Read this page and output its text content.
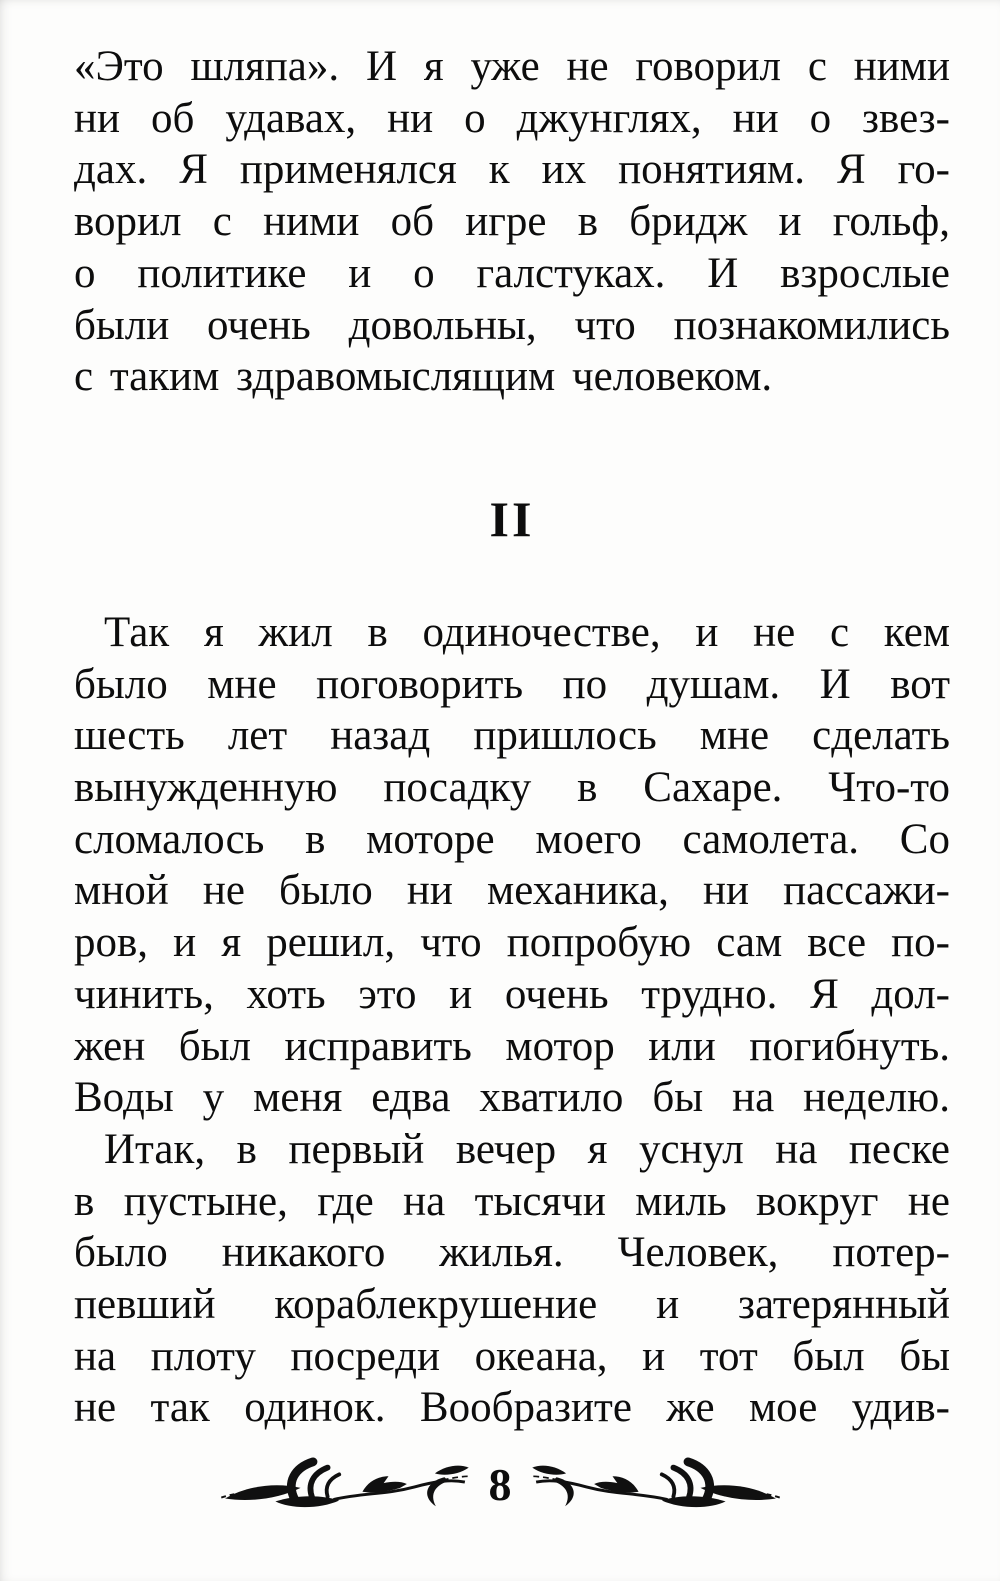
«Это шляпа». И я уже не говорил с ними
ни об удавах, ни о джунглях, ни о звез-
дах. Я применялся к их понятиям. Я го-
ворил с ними об игре в бридж и гольф,
о политике и о галстуках. И взрослые
были очень довольны, что познакомились
с таким здравомыслящим человеком.
II
Так я жил в одиночестве, и не с кем
было мне поговорить по душам. И вот
шесть лет назад пришлось мне сделать
вынужденную посадку в Сахаре. Что-то
сломалось в моторе моего самолета. Со
мной не было ни механика, ни пассажи-
ров, и я решил, что попробую сам все по-
чинить, хоть это и очень трудно. Я дол-
жен был исправить мотор или погибнуть.
Воды у меня едва хватило бы на неделю.
Итак, в первый вечер я уснул на песке
в пустыне, где на тысячи миль вокруг не
было никакого жилья. Человек, потер-
певший кораблекрушение и затерянный
на плоту посреди океана, и тот был бы
не так одинок. Вообразите же мое удив-
8
